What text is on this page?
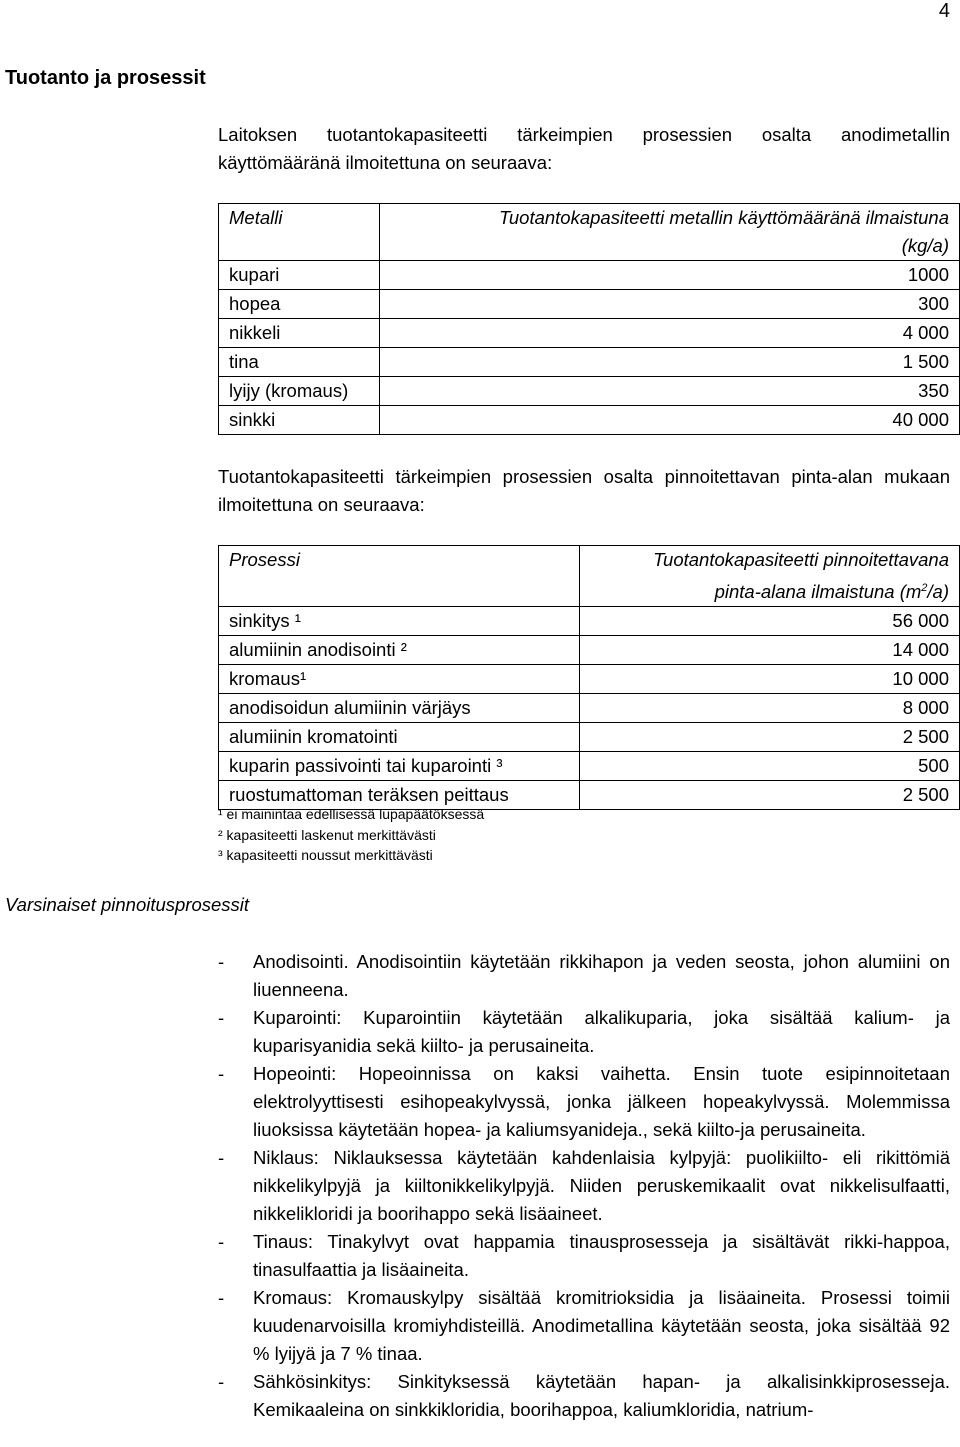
4
Tuotanto ja prosessit
Laitoksen tuotantokapasiteetti tärkeimpien prosessien osalta anodimetallin käyttömääränä ilmoitettuna on seuraava:
Metalli	Tuotantokapasiteetti metallin käyttömääränä ilmaistuna
(kg/a)

kupari	1000
hopea	300
nikkeli	4 000
tina	1 500
lyijy (kromaus)	350
sinkki	40 000
Tuotantokapasiteetti tärkeimpien prosessien osalta pinnoitettavan pinta-alan mukaan ilmoitettuna on seuraava:
Prosessi	Tuotantokapasiteetti pinnoitettavana
pinta-alana ilmaistuna $(m^2/a)$

sinkitys ¹	56 000
alumiinin anodisointi ²	14 000
kromaus¹	10 000
anodisoidun alumiinin värjäys	8 000
alumiinin kromatointi	2 500
kuparin passivointi tai kuparointi ³	500
ruostumattoman teräksen peittaus	2 500
¹ ei mainintaa edellisessä lupapäätöksessä
² kapasiteetti laskenut merkittävästi
³ kapasiteetti noussut merkittävästi
Varsinaiset pinnoitusprosessit
- Anodisointi. Anodisointiin käytetään rikkihapon ja veden seosta, johon alumiini on liuenneena.
- Kuparointi: Kuparointiin käytetään alkalikuparia, joka sisältää kalium- ja kuparisyanidia sekä kiilto- ja perusaineita.
- Hopeointi: Hopeoinnissa on kaksi vaihetta. Ensin tuote esipinnoitetaan elektrolyyttisesti esihopeakylvyssä, jonka jälkeen hopeakylvyssä. Molemmissa liuoksissa käytetään hopea- ja kaliumsyanideja., sekä kiilto-ja perusaineita.
- Niklaus: Niklauksessa käytetään kahdenlaisia kylpyjä: puolikiilto- eli rikittömiä nikkelikylpyjä ja kiiltonikkelikylpyjä. Niiden peruskemikaalit ovat nikkelisulfaatti, nikkelikloridi ja boorihappo sekä lisäaineet.
- Tinaus: Tinakylvyt ovat happamia tinausprosesseja ja sisältävät rikki-happoa, tinasulfaattia ja lisäaineita.
- Kromaus: Kromauskylpy sisältää kromitrioksidia ja lisäaineita. Prosessi toimii kuudenarvoisilla kromiyhdisteillä. Anodimetallina käytetään seosta, joka sisältää 92 % lyijyä ja 7 % tinaa.
- Sähkösinkitys: Sinkityksessä käytetään hapan- ja alkalisinkkiprosesseja. Kemikaaleina on sinkkikloridia, boorihappoa, kaliumkloridia, natrium-
